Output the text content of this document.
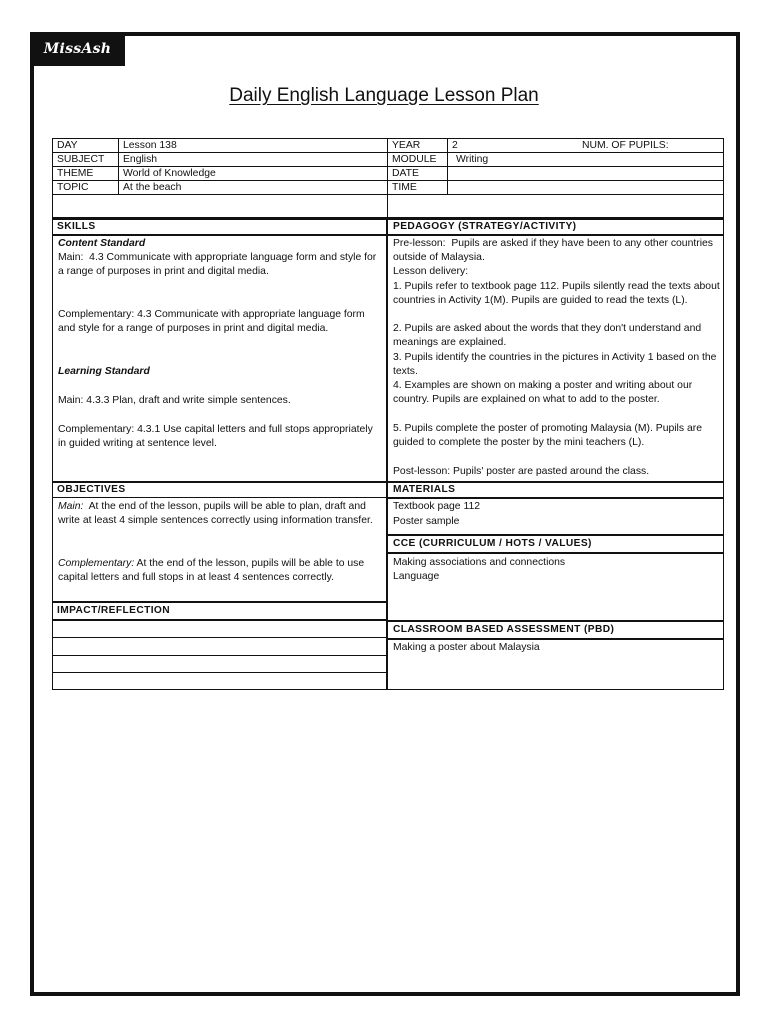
MissAsh
Daily English Language Lesson Plan
DAY	Lesson 138	YEAR	2	NUM. OF PUPILS:
SUBJECT	English	MODULE	Writing
THEME	World of Knowledge	DATE
TOPIC	At the beach	TIME
SKILLS	PEDAGOGY (STRATEGY/ACTIVITY)
Content Standard
Main:  4.3 Communicate with appropriate language form and style for a range of purposes in print and digital media.
Complementary: 4.3 Communicate with appropriate language form and style for a range of purposes in print and digital media.
Learning Standard
Main: 4.3.3 Plan, draft and write simple sentences.
Complementary: 4.3.1 Use capital letters and full stops appropriately in guided writing at sentence level.
Pre-lesson:  Pupils are asked if they have been to any other countries outside of Malaysia.
Lesson delivery:
1. Pupils refer to textbook page 112. Pupils silently read the texts about countries in Activity 1(M). Pupils are guided to read the texts (L).
2. Pupils are asked about the words that they don't understand and meanings are explained.
3. Pupils identify the countries in the pictures in Activity 1 based on the texts.
4. Examples are shown on making a poster and writing about our country. Pupils are explained on what to add to the poster.
5. Pupils complete the poster of promoting Malaysia (M). Pupils are guided to complete the poster by the mini teachers (L).
Post-lesson: Pupils' poster are pasted around the class.
OBJECTIVES
Main:  At the end of the lesson, pupils will be able to plan, draft and write at least 4 simple sentences correctly using information transfer.
Complementary: At the end of the lesson, pupils will be able to use capital letters and full stops in at least 4 sentences correctly.
MATERIALS
Textbook page 112
Poster sample
CCE (CURRICULUM / HOTS / VALUES)
Making associations and connections
Language
IMPACT/REFLECTION
CLASSROOM BASED ASSESSMENT (PBD)
Making a poster about Malaysia
